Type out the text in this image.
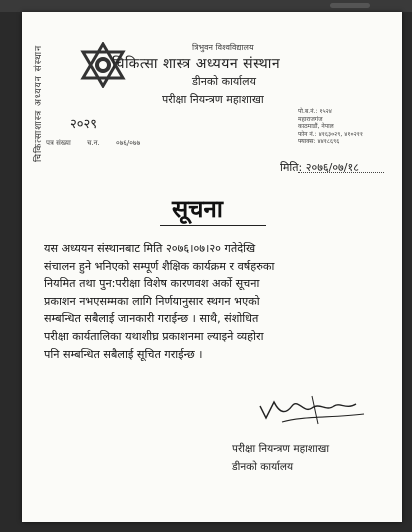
चिकित्साशास्त्र अध्ययन संस्थान	२०२९
पत्र संख्या च.न. ०७६/०७७
त्रिभुवन विश्वविद्यालय
चिकित्सा शास्त्र अध्ययन संस्थान
डीनको कार्यालय
परीक्षा नियन्त्रण महाशाखा
पो.ब.नं.: १५२४
महाराजगंज
काठमाडौं, नेपाल
फोन नं.: ४१६३०२९, ४१०२११
फ्याक्स: ४४१८६९६
मिति: २०७६/०७/१८
सूचना
यस अध्ययन संस्थानबाट मिति २०७६।०७।२० गतेदेखि
संचालन हुने भनिएको सम्पूर्ण शैक्षिक कार्यक्रम र वर्षहरुका
नियमित तथा पुन:परीक्षा विशेष कारणवश अर्को सूचना
प्रकाशन नभएसम्मका लागि निर्णयानुसार स्थगन भएको
सम्बन्धित सबैलाई जानकारी गराईन्छ । साथै, संशोधित
परीक्षा कार्यतालिका यथाशीघ्र प्रकाशनमा ल्याइने व्यहोरा
पनि सम्बन्धित सबैलाई सूचित गराईन्छ ।
परीक्षा नियन्त्रण महाशाखा
डीनको कार्यालय
